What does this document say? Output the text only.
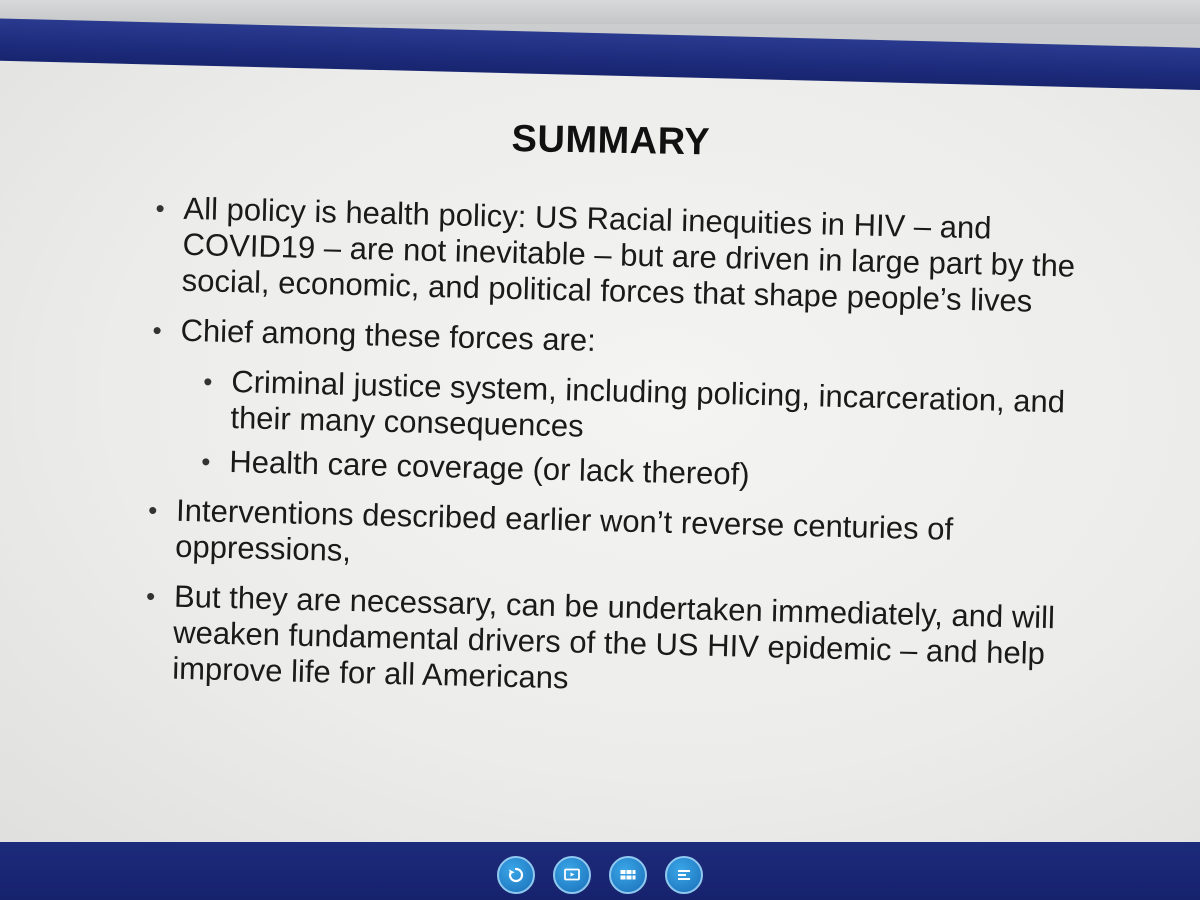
SUMMARY
• All policy is health policy: US Racial inequities in HIV – and COVID19 – are not inevitable – but are driven in large part by the social, economic, and political forces that shape people’s lives
• Chief among these forces are:
• Criminal justice system, including policing, incarceration, and their many consequences
• Health care coverage (or lack thereof)
• Interventions described earlier won’t reverse centuries of oppressions,
• But they are necessary, can be undertaken immediately, and will weaken fundamental drivers of the US HIV epidemic – and help improve life for all Americans
